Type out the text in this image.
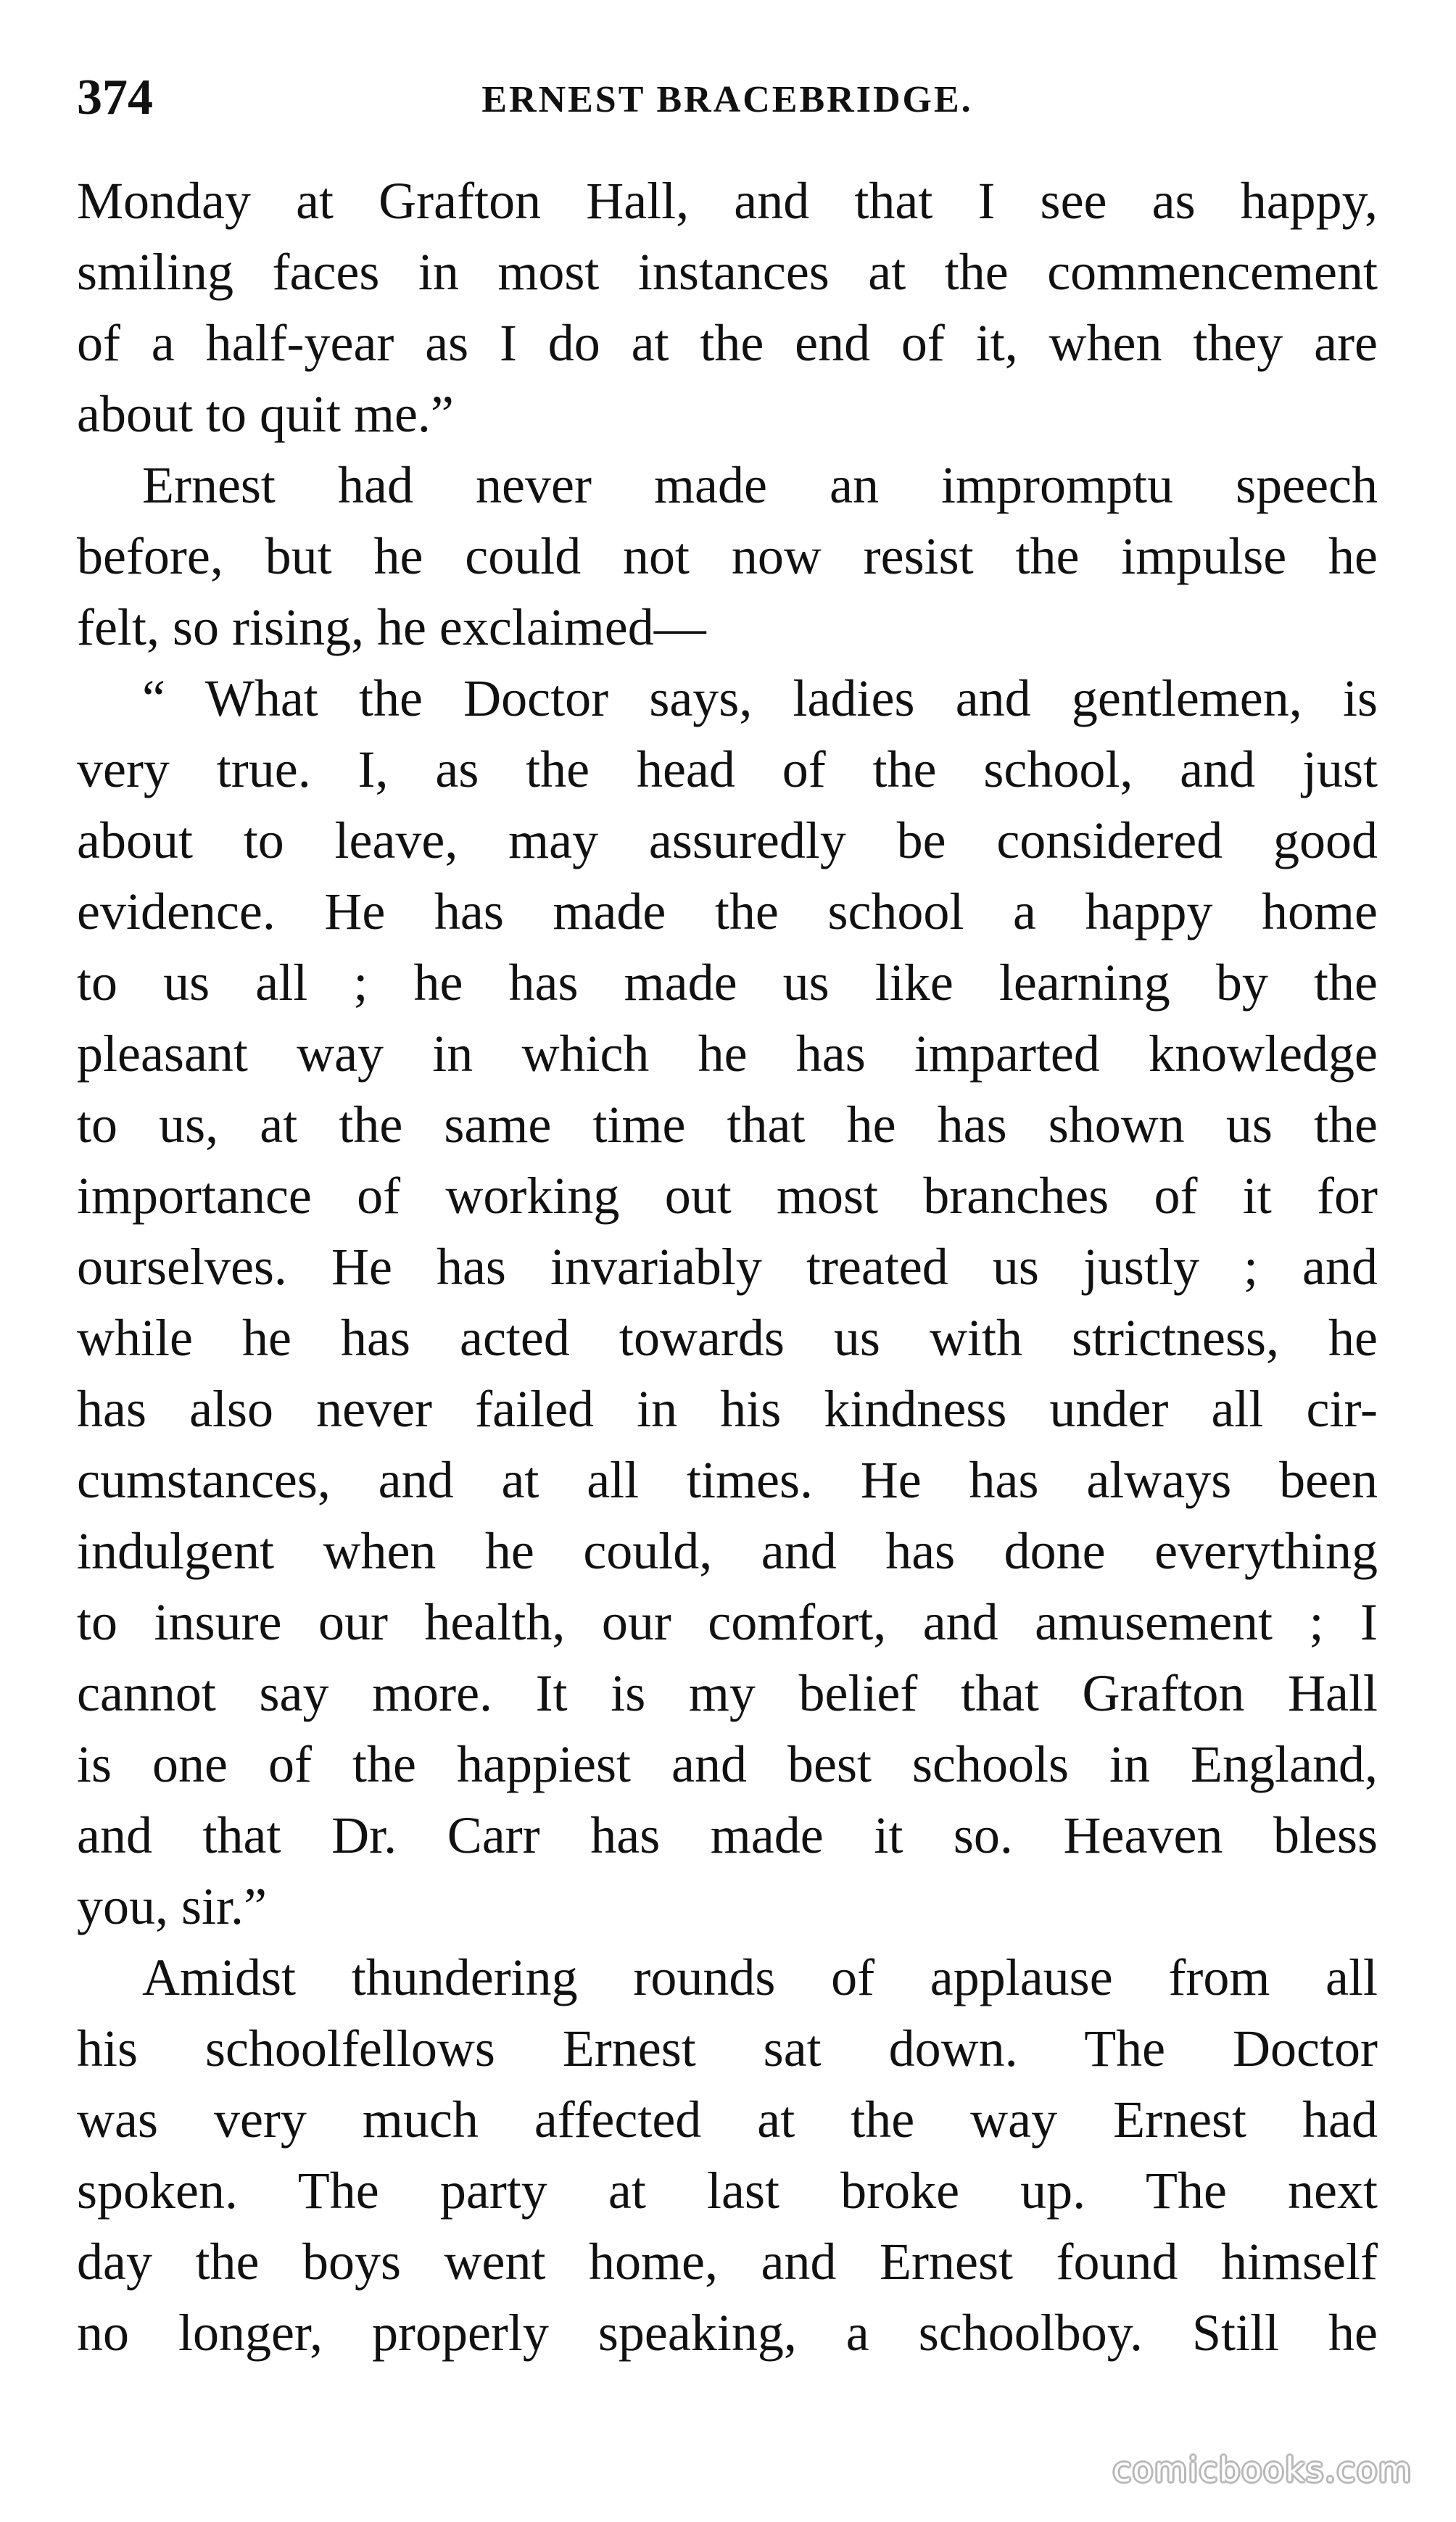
374	ERNEST BRACEBRIDGE.
Monday at Grafton Hall, and that I see as happy,
smiling faces in most instances at the commencement
of a half-year as I do at the end of it, when they are
about to quit me.”
Ernest had never made an impromptu speech
before, but he could not now resist the impulse he
felt, so rising, he exclaimed—
“ What the Doctor says, ladies and gentlemen, is
very true. I, as the head of the school, and just
about to leave, may assuredly be considered good
evidence. He has made the school a happy home
to us all ; he has made us like learning by the
pleasant way in which he has imparted knowledge
to us, at the same time that he has shown us the
importance of working out most branches of it for
ourselves. He has invariably treated us justly ; and
while he has acted towards us with strictness, he
has also never failed in his kindness under all cir-
cumstances, and at all times. He has always been
indulgent when he could, and has done everything
to insure our health, our comfort, and amusement ; I
cannot say more. It is my belief that Grafton Hall
is one of the happiest and best schools in England,
and that Dr. Carr has made it so. Heaven bless
you, sir.”
Amidst thundering rounds of applause from all
his schoolfellows Ernest sat down. The Doctor
was very much affected at the way Ernest had
spoken. The party at last broke up. The next
day the boys went home, and Ernest found himself
no longer, properly speaking, a schoolboy. Still he
comicbooks.com
